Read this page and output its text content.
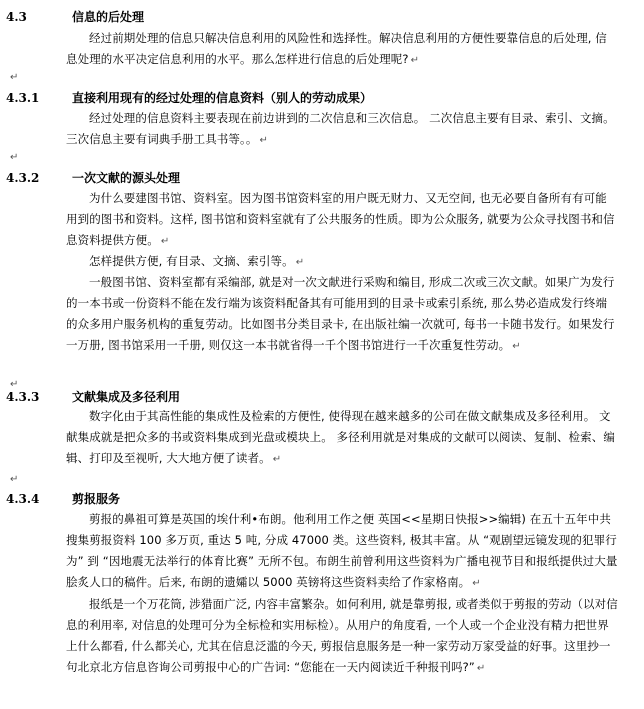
4.3	信息的后处理
经过前期处理的信息只解决信息利用的风险性和选择性。解决信息利用的方便性要靠信息的后处理, 信息处理的水平决定信息利用的水平。那么怎样进行信息的后处理呢? ↵
↵
4.3.1	直接利用现有的经过处理的信息资料（别人的劳动成果）
经过处理的信息资料主要表现在前边讲到的二次信息和三次信息。 二次信息主要有目录、索引、文摘。 三次信息主要有词典手册工具书等。。 ↵
↵
4.3.2	一次文献的源头处理
为什么要建图书馆、资料室。因为图书馆资料室的用户既无财力、又无空间, 也无必要自备所有有可能用到的图书和资料。这样, 图书馆和资料室就有了公共服务的性质。即为公众服务, 就要为公众寻找图书和信息资料提供方便。 ↵
怎样提供方便, 有目录、文摘、索引等。 ↵
一般图书馆、资料室都有采编部, 就是对一次文献进行采购和编目, 形成二次或三次文献。如果广为发行的一本书或一份资料不能在发行端为该资料配备其有可能用到的目录卡或索引系统, 那么势必造成发行终端的众多用户服务机构的重复劳动。比如图书分类目录卡, 在出版社编一次就可, 每书一卡随书发行。如果发行一万册, 图书馆采用一千册, 则仅这一本书就省得一千个图书馆进行一千次重复性劳动。 ↵
↵
4.3.3	文献集成及多径利用
数字化由于其高性能的集成性及检索的方便性, 使得现在越来越多的公司在做文献集成及多径利用。 文献集成就是把众多的书或资料集成到光盘或模块上。 多径利用就是对集成的文献可以阅读、复制、检索、编辑、打印及至视听, 大大地方便了读者。 ↵
↵
4.3.4	剪报服务
剪报的鼻祖可算是英国的埃什利•布朗。他利用工作之便 英国<<星期日快报>>编辑) 在五十五年中共搜集剪报资料 100 多万页, 重达 5 吨, 分成 47000 类。这些资料, 极其丰富。从 “观剧望远镜发现的犯罪行为” 到 “因地震无法举行的体育比赛” 无所不包。布朗生前曾利用这些资料为广播电视节目和报纸提供过大量脍炙人口的稿件。后来, 布朗的遗孀以 5000 英镑将这些资料卖给了作家格南。 ↵
报纸是一个万花筒, 涉猎面广泛, 内容丰富繁杂。如何利用, 就是靠剪报, 或者类似于剪报的劳动（以对信息的利用率, 对信息的处理可分为全标检和实用标检）。从用户的角度看, 一个人或一个企业没有精力把世界上什么都看, 什么都关心, 尤其在信息泛滥的今天, 剪报信息服务是一种一家劳动万家受益的好事。这里抄一句北京北方信息咨询公司剪报中心的广告词: “您能在一天内阅读近千种报刊吗?” ↵
